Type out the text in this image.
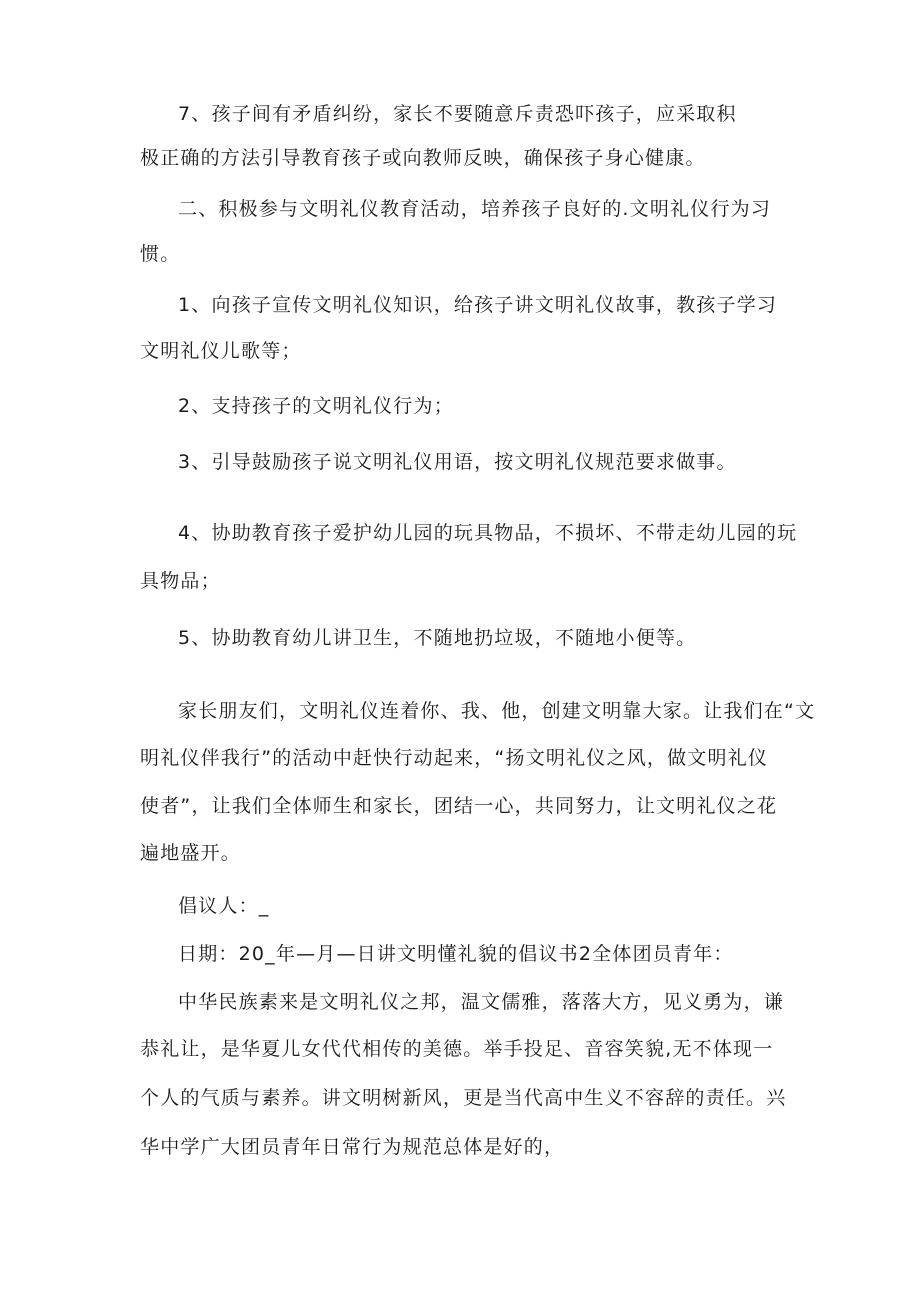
7、孩子间有矛盾纠纷，家长不要随意斥责恐吓孩子，应采取积
极正确的方法引导教育孩子或向教师反映，确保孩子身心健康。
二、积极参与文明礼仪教育活动，培养孩子良好的.文明礼仪行为习
惯。
1、向孩子宣传文明礼仪知识，给孩子讲文明礼仪故事，教孩子学习
文明礼仪儿歌等；
2、支持孩子的文明礼仪行为；
3、引导鼓励孩子说文明礼仪用语，按文明礼仪规范要求做事。
4、协助教育孩子爱护幼儿园的玩具物品，不损坏、不带走幼儿园的玩
具物品；
5、协助教育幼儿讲卫生，不随地扔垃圾，不随地小便等。
家长朋友们，文明礼仪连着你、我、他，创建文明靠大家。让我们在“文
明礼仪伴我行”的活动中赶快行动起来，“扬文明礼仪之风，做文明礼仪
使者”，让我们全体师生和家长，团结一心，共同努力，让文明礼仪之花
遍地盛开。
倡议人：_
日期：20_年—月—日讲文明懂礼貌的倡议书2全体团员青年：
中华民族素来是文明礼仪之邦，温文儒雅，落落大方，见义勇为，谦
恭礼让，是华夏儿女代代相传的美德。举手投足、音容笑貌,无不体现一
个人的气质与素养。讲文明树新风，更是当代高中生义不容辞的责任。兴
华中学广大团员青年日常行为规范总体是好的，
